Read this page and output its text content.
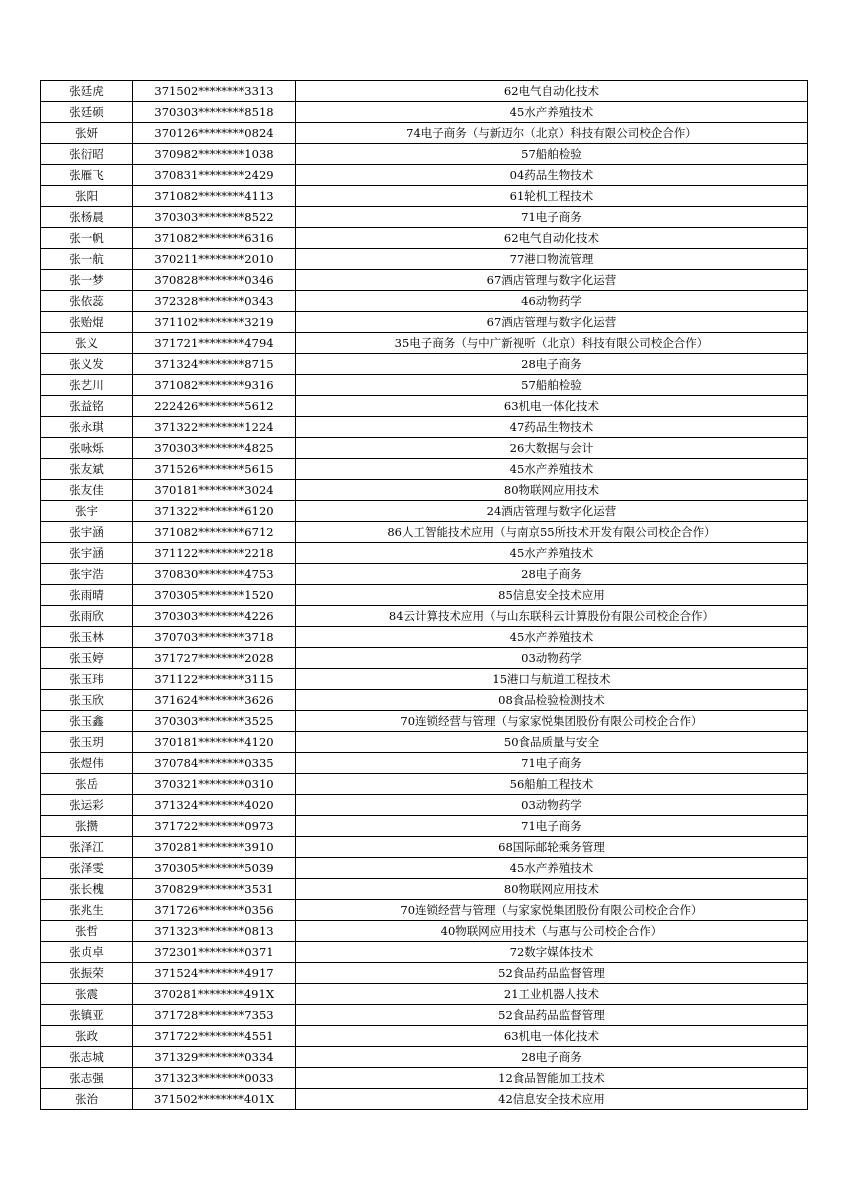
张廷虎	371502********3313	62电气自动化技术
张廷硕	370303********8518	45水产养殖技术
张妍	370126********0824	74电子商务（与新迈尔（北京）科技有限公司校企合作）
张衍昭	370982********1038	57船舶检验
张雁飞	370831********2429	04药品生物技术
张阳	371082********4113	61轮机工程技术
张杨晨	370303********8522	71电子商务
张一帆	371082********6316	62电气自动化技术
张一航	370211********2010	77港口物流管理
张一梦	370828********0346	67酒店管理与数字化运营
张依蕊	372328********0343	46动物药学
张贻焜	371102********3219	67酒店管理与数字化运营
张义	371721********4794	35电子商务（与中广新视听（北京）科技有限公司校企合作）
张义发	371324********8715	28电子商务
张艺川	371082********9316	57船舶检验
张益铭	222426********5612	63机电一体化技术
张永琪	371322********1224	47药品生物技术
张咏烁	370303********4825	26大数据与会计
张友斌	371526********5615	45水产养殖技术
张友佳	370181********3024	80物联网应用技术
张宇	371322********6120	24酒店管理与数字化运营
张宇涵	371082********6712	86人工智能技术应用（与南京55所技术开发有限公司校企合作）
张宇涵	371122********2218	45水产养殖技术
张宇浩	370830********4753	28电子商务
张雨晴	370305********1520	85信息安全技术应用
张雨欣	370303********4226	84云计算技术应用（与山东联科云计算股份有限公司校企合作）
张玉林	370703********3718	45水产养殖技术
张玉婷	371727********2028	03动物药学
张玉玮	371122********3115	15港口与航道工程技术
张玉欣	371624********3626	08食品检验检测技术
张玉鑫	370303********3525	70连锁经营与管理（与家家悦集团股份有限公司校企合作）
张玉玥	370181********4120	50食品质量与安全
张煜伟	370784********0335	71电子商务
张岳	370321********0310	56船舶工程技术
张运彩	371324********4020	03动物药学
张攒	371722********0973	71电子商务
张泽江	370281********3910	68国际邮轮乘务管理
张泽雯	370305********5039	45水产养殖技术
张长槐	370829********3531	80物联网应用技术
张兆生	371726********0356	70连锁经营与管理（与家家悦集团股份有限公司校企合作）
张哲	371323********0813	40物联网应用技术（与惠与公司校企合作）
张贞卓	372301********0371	72数字媒体技术
张振荣	371524********4917	52食品药品监督管理
张震	370281********491X	21工业机器人技术
张镇亚	371728********7353	52食品药品监督管理
张政	371722********4551	63机电一体化技术
张志城	371329********0334	28电子商务
张志强	371323********0033	12食品智能加工技术
张治	371502********401X	42信息安全技术应用
